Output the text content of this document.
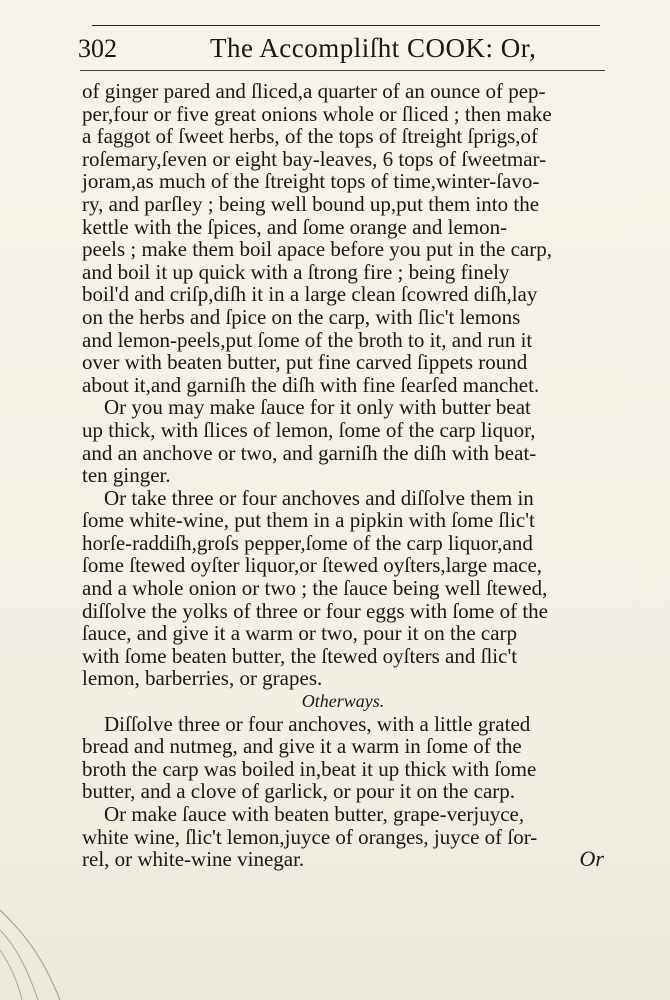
302	The Accompliſht COOK: Or,
of ginger pared and ſliced,a quarter of an ounce of pep-
per,four or five great onions whole or ſliced ; then make
a faggot of ſweet herbs, of the tops of ſtreight ſprigs,of
roſemary,ſeven or eight bay-leaves, 6 tops of ſweetmar-
joram,as much of the ſtreight tops of time,winter-ſavo-
ry, and parſley ; being well bound up,put them into the
kettle with the ſpices, and ſome orange and lemon-
peels ; make them boil apace before you put in the carp,
and boil it up quick with a ſtrong fire ; being finely
boil'd and criſp,diſh it in a large clean ſcowred diſh,lay
on the herbs and ſpice on the carp, with ſlic't lemons
and lemon-peels,put ſome of the broth to it, and run it
over with beaten butter, put fine carved ſippets round
about it,and garniſh the diſh with fine ſearſed manchet.
Or you may make ſauce for it only with butter beat
up thick, with ſlices of lemon, ſome of the carp liquor,
and an anchove or two, and garniſh the diſh with beat-
ten ginger.
Or take three or four anchoves and diſſolve them in
ſome white-wine, put them in a pipkin with ſome ſlic't
horſe-raddiſh,groſs pepper,ſome of the carp liquor,and
ſome ſtewed oyſter liquor,or ſtewed oyſters,large mace,
and a whole onion or two ; the ſauce being well ſtewed,
diſſolve the yolks of three or four eggs with ſome of the
ſauce, and give it a warm or two, pour it on the carp
with ſome beaten butter, the ſtewed oyſters and ſlic't
lemon, barberries, or grapes.
Otherways.
Diſſolve three or four anchoves, with a little grated
bread and nutmeg, and give it a warm in ſome of the
broth the carp was boiled in,beat it up thick with ſome
butter, and a clove of garlick, or pour it on the carp.
Or make ſauce with beaten butter, grape-verjuyce,
white wine, ſlic't lemon,juyce of oranges, juyce of ſor-
rel, or white-wine vinegar.	Or
